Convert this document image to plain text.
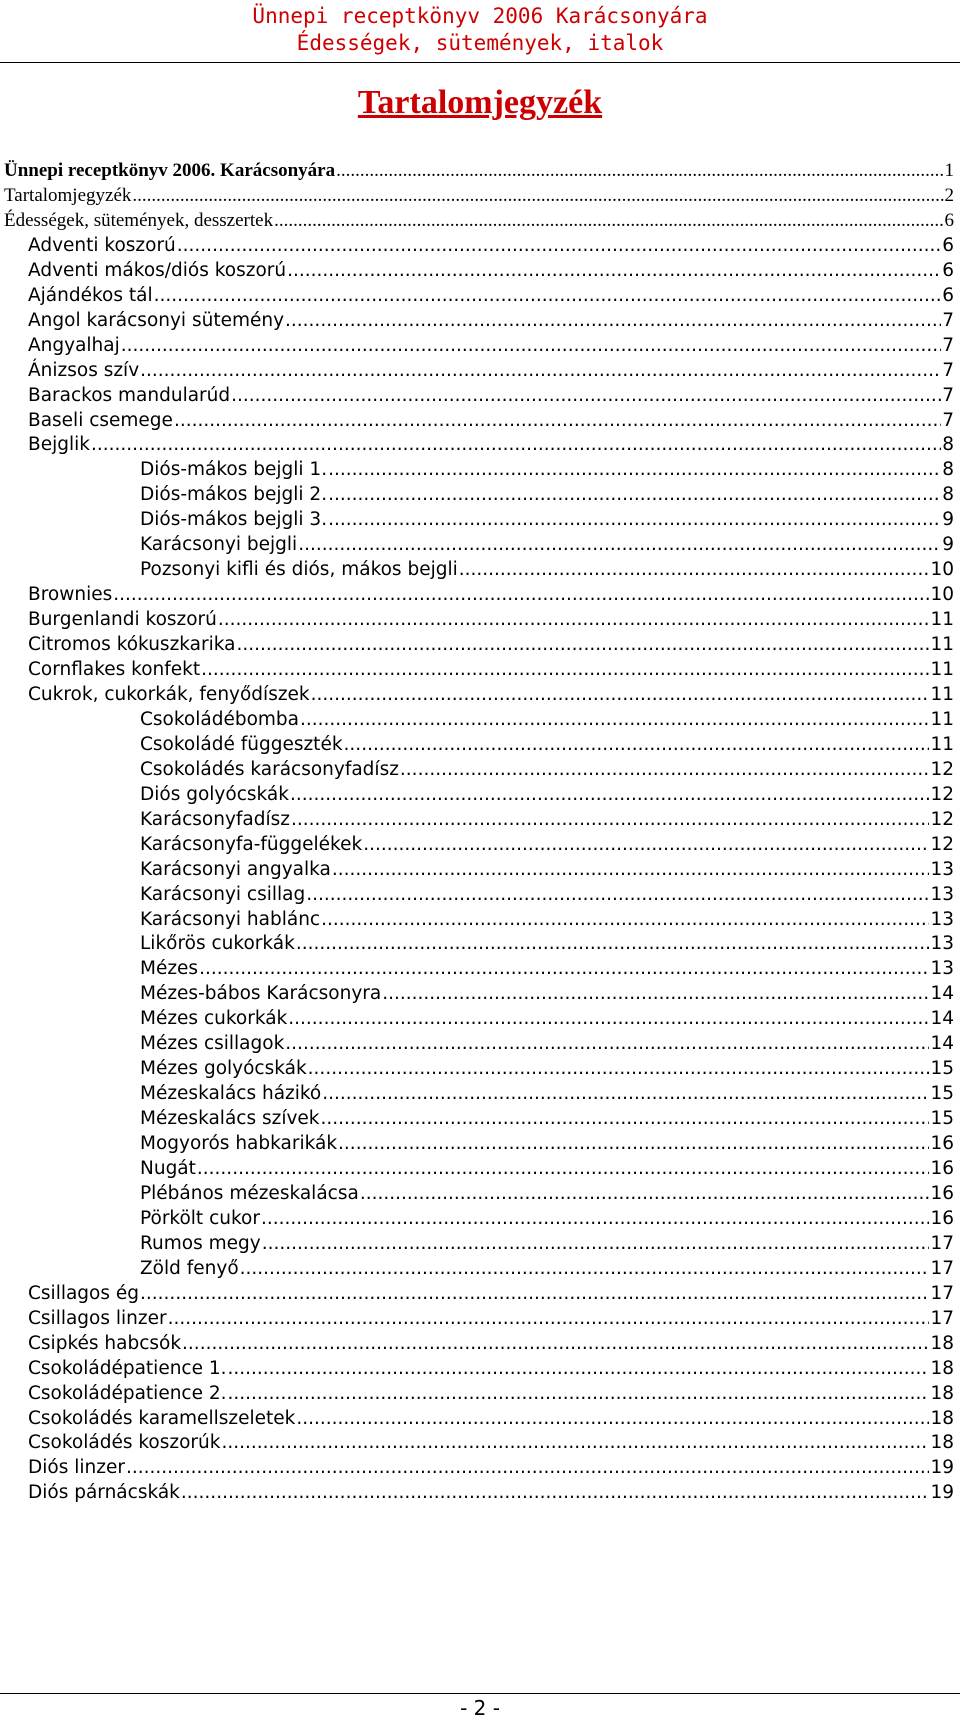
Ünnepi receptkönyv 2006 Karácsonyára
Édességek, sütemények, italok
Tartalomjegyzék
Ünnepi receptkönyv 2006. Karácsonyára .....	1
Tartalomjegyzék .....	2
Édességek, sütemények, desszertek .....	6
Adventi koszorú .....	6
Adventi mákos/diós koszorú .....	6
Ajándékos tál .....	6
Angol karácsonyi sütemény .....	7
Angyalhaj .....	7
Ánizsos szív .....	7
Barackos mandularúd .....	7
Baseli csemege .....	7
Bejglik .....	8
Diós-mákos bejgli 1. .....	8
Diós-mákos bejgli 2. .....	8
Diós-mákos bejgli 3. .....	9
Karácsonyi bejgli .....	9
Pozsonyi kifli és diós, mákos bejgli .....	10
Brownies .....	10
Burgenlandi koszorú .....	11
Citromos kókuszkarika .....	11
Cornflakes konfekt .....	11
Cukrok, cukorkák, fenyődíszek .....	11
Csokoládébomba .....	11
Csokoládé függeszték .....	11
Csokoládés karácsonyfadísz .....	12
Diós golyócskák .....	12
Karácsonyfadísz .....	12
Karácsonyfa-függelékek .....	12
Karácsonyi angyalka .....	13
Karácsonyi csillag .....	13
Karácsonyi hablánc .....	13
Likőrös cukorkák .....	13
Mézes .....	13
Mézes-bábos Karácsonyra .....	14
Mézes cukorkák .....	14
Mézes csillagok .....	14
Mézes golyócskák .....	15
Mézeskalács házikó .....	15
Mézeskalács szívek .....	15
Mogyorós habkarikák .....	16
Nugát .....	16
Plébános mézeskalácsa .....	16
Pörkölt cukor .....	16
Rumos megy .....	17
Zöld fenyő .....	17
Csillagos ég .....	17
Csillagos linzer .....	17
Csipkés habcsók .....	18
Csokoládépatience 1. .....	18
Csokoládépatience 2. .....	18
Csokoládés karamellszeletek .....	18
Csokoládés koszorúk .....	18
Diós linzer .....	19
Diós párnácskák .....	19
- 2 -
